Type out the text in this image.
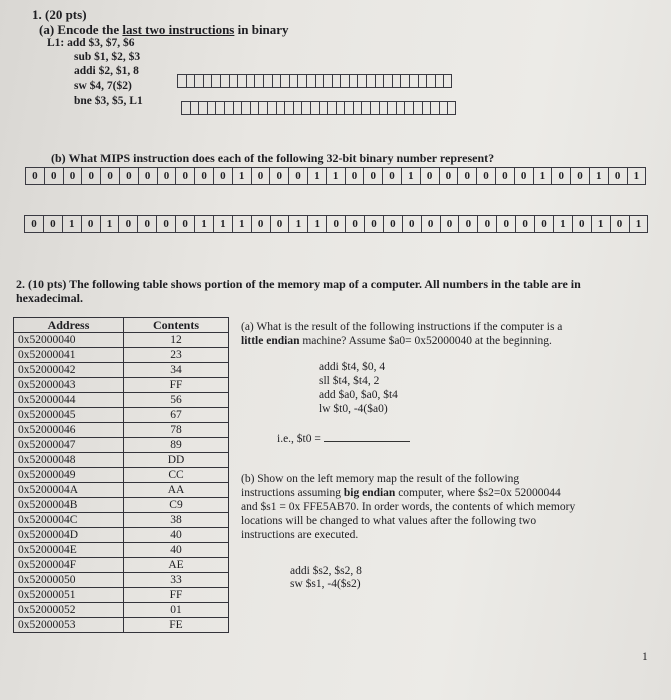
1. (20 pts)
(a) Encode the last two instructions in binary
L1: add $3, $7, $6
sub $1, $2, $3
addi $2, $1, 8
sw $4, 7($2)
bne $3, $5, L1
(b) What MIPS instruction does each of the following 32-bit binary number represent?
0	0	0	0	0	0	0	0	0	0	0	1	0	0	0	1	1	0	0	0	1	0	0	0	0	0	0	1	0	0	1	0	1
0	0	1	0	1	0	0	0	0	1	1	1	0	0	1	1	0	0	0	0	0	0	0	0	0	0	0	0	1	0	1	0	1
2. (10 pts) The following table shows portion of the memory map of a computer. All numbers in the table are in
hexadecimal.
Address	Contents
0x52000040	12
0x52000041	23
0x52000042	34
0x52000043	FF
0x52000044	56
0x52000045	67
0x52000046	78
0x52000047	89
0x52000048	DD
0x52000049	CC
0x5200004A	AA
0x5200004B	C9
0x5200004C	38
0x5200004D	40
0x5200004E	40
0x5200004F	AE
0x52000050	33
0x52000051	FF
0x52000052	01
0x52000053	FE
(a) What is the result of the following instructions if the computer is a
little endian machine? Assume $a0= 0x52000040 at the beginning.
addi $t4, $0, 4
sll $t4, $t4, 2
add $a0, $a0, $t4
lw $t0, -4($a0)
i.e., $t0 =
(b) Show on the left memory map the result of the following
instructions assuming big endian computer, where $s2=0x 52000044
and $s1 = 0x FFE5AB70. In order words, the contents of which memory
locations will be changed to what values after the following two
instructions are executed.
addi $s2, $s2, 8
sw $s1, -4($s2)
1
